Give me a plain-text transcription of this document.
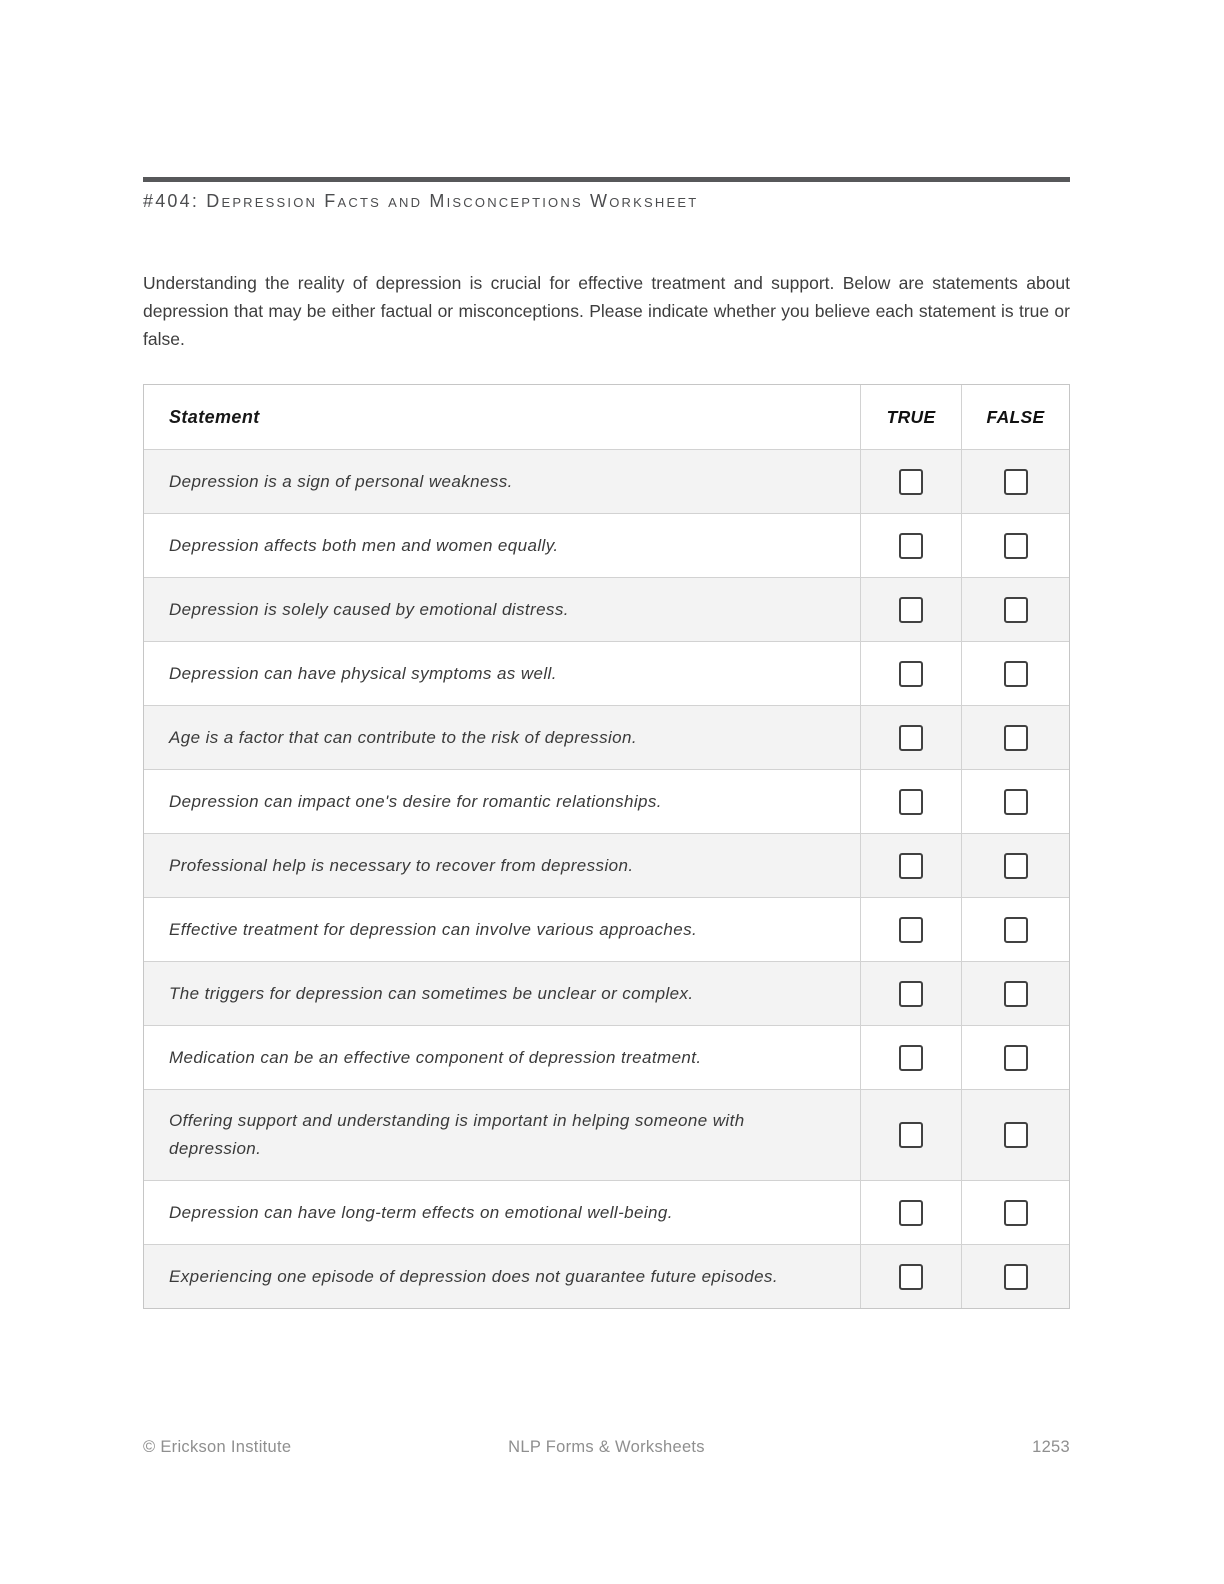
#404: Depression Facts and Misconceptions Worksheet

Understanding the reality of depression is crucial for effective treatment and support. Below are statements about depression that may be either factual or misconceptions. Please indicate whether you believe each statement is true or false.

Statement	TRUE	FALSE
Depression is a sign of personal weakness.
Depression affects both men and women equally.
Depression is solely caused by emotional distress.
Depression can have physical symptoms as well.
Age is a factor that can contribute to the risk of depression.
Depression can impact one's desire for romantic relationships.
Professional help is necessary to recover from depression.
Effective treatment for depression can involve various approaches.
The triggers for depression can sometimes be unclear or complex.
Medication can be an effective component of depression treatment.
Offering support and understanding is important in helping someone with depression.
Depression can have long-term effects on emotional well-being.
Experiencing one episode of depression does not guarantee future episodes.
© Erickson Institute	NLP Forms & Worksheets	1253
